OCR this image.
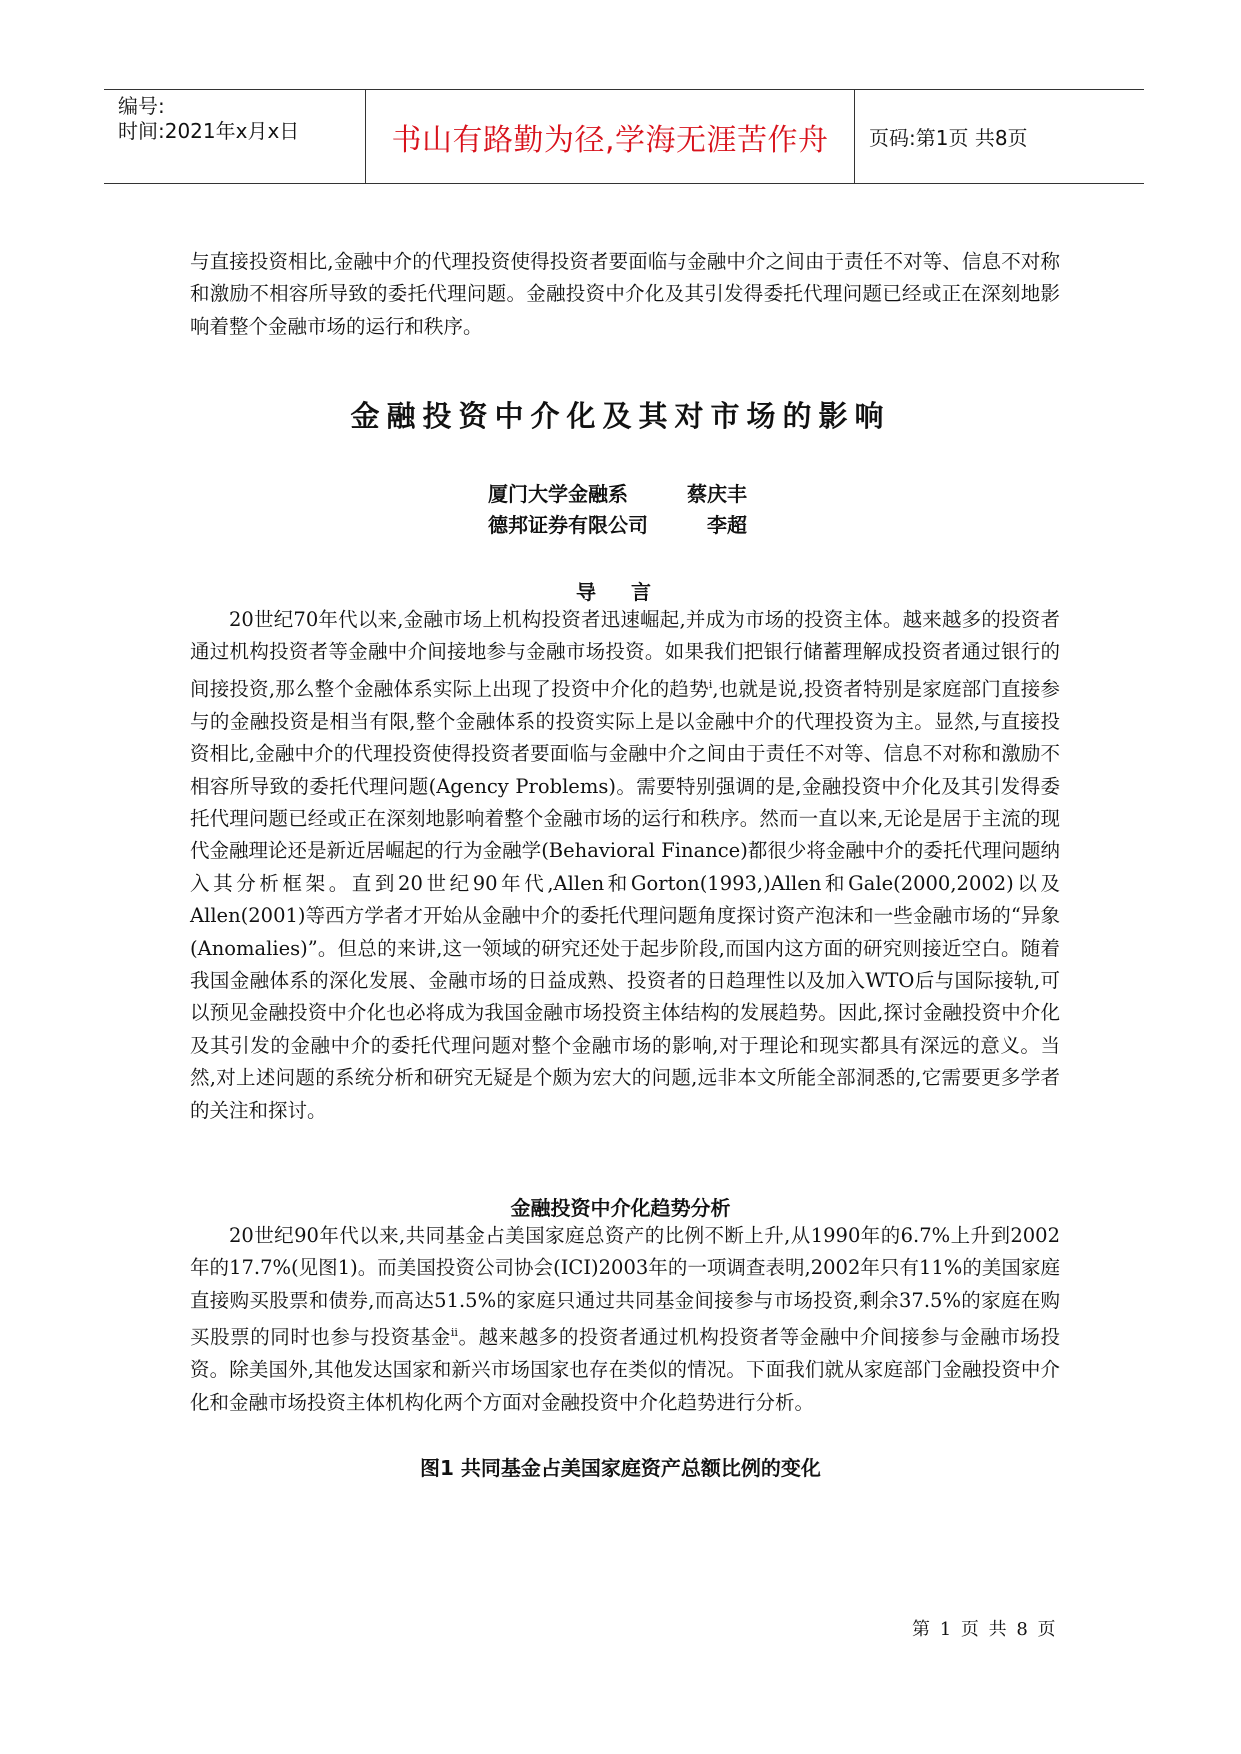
编号:
时间:2021年x月x日	书山有路勤为径,学海无涯苦作舟	页码:第1页 共8页
与直接投资相比,金融中介的代理投资使得投资者要面临与金融中介之间由于责任不对等、信息不对称和激励不相容所导致的委托代理问题。金融投资中介化及其引发得委托代理问题已经或正在深刻地影响着整个金融市场的运行和秩序。
金融投资中介化及其对市场的影响
厦门大学金融系	蔡庆丰
德邦证券有限公司	李超
导 言
20世纪70年代以来,金融市场上机构投资者迅速崛起,并成为市场的投资主体。越来越多的投资者通过机构投资者等金融中介间接地参与金融市场投资。如果我们把银行储蓄理解成投资者通过银行的间接投资,那么整个金融体系实际上出现了投资中介化的趋势$^i$,也就是说,投资者特别是家庭部门直接参与的金融投资是相当有限,整个金融体系的投资实际上是以金融中介的代理投资为主。显然,与直接投资相比,金融中介的代理投资使得投资者要面临与金融中介之间由于责任不对等、信息不对称和激励不相容所导致的委托代理问题(Agency Problems)。需要特别强调的是,金融投资中介化及其引发得委托代理问题已经或正在深刻地影响着整个金融市场的运行和秩序。然而一直以来,无论是居于主流的现代金融理论还是新近居崛起的行为金融学(Behavioral Finance)都很少将金融中介的委托代理问题纳入其分析框架。直到20世纪90年代,Allen和Gorton(1993,)Allen和Gale(2000,2002)以及Allen(2001)等西方学者才开始从金融中介的委托代理问题角度探讨资产泡沫和一些金融市场的“异象(Anomalies)”。但总的来讲,这一领域的研究还处于起步阶段,而国内这方面的研究则接近空白。随着我国金融体系的深化发展、金融市场的日益成熟、投资者的日趋理性以及加入WTO后与国际接轨,可以预见金融投资中介化也必将成为我国金融市场投资主体结构的发展趋势。因此,探讨金融投资中介化及其引发的金融中介的委托代理问题对整个金融市场的影响,对于理论和现实都具有深远的意义。当然,对上述问题的系统分析和研究无疑是个颇为宏大的问题,远非本文所能全部洞悉的,它需要更多学者的关注和探讨。
金融投资中介化趋势分析
20世纪90年代以来,共同基金占美国家庭总资产的比例不断上升,从1990年的6.7%上升到2002年的17.7%(见图1)。而美国投资公司协会(ICI)2003年的一项调查表明,2002年只有11%的美国家庭直接购买股票和债券,而高达51.5%的家庭只通过共同基金间接参与市场投资,剩余37.5%的家庭在购买股票的同时也参与投资基金$^{ii}$。越来越多的投资者通过机构投资者等金融中介间接参与金融市场投资。除美国外,其他发达国家和新兴市场国家也存在类似的情况。下面我们就从家庭部门金融投资中介化和金融市场投资主体机构化两个方面对金融投资中介化趋势进行分析。
图1 共同基金占美国家庭资产总额比例的变化
第 1 页 共 8 页
